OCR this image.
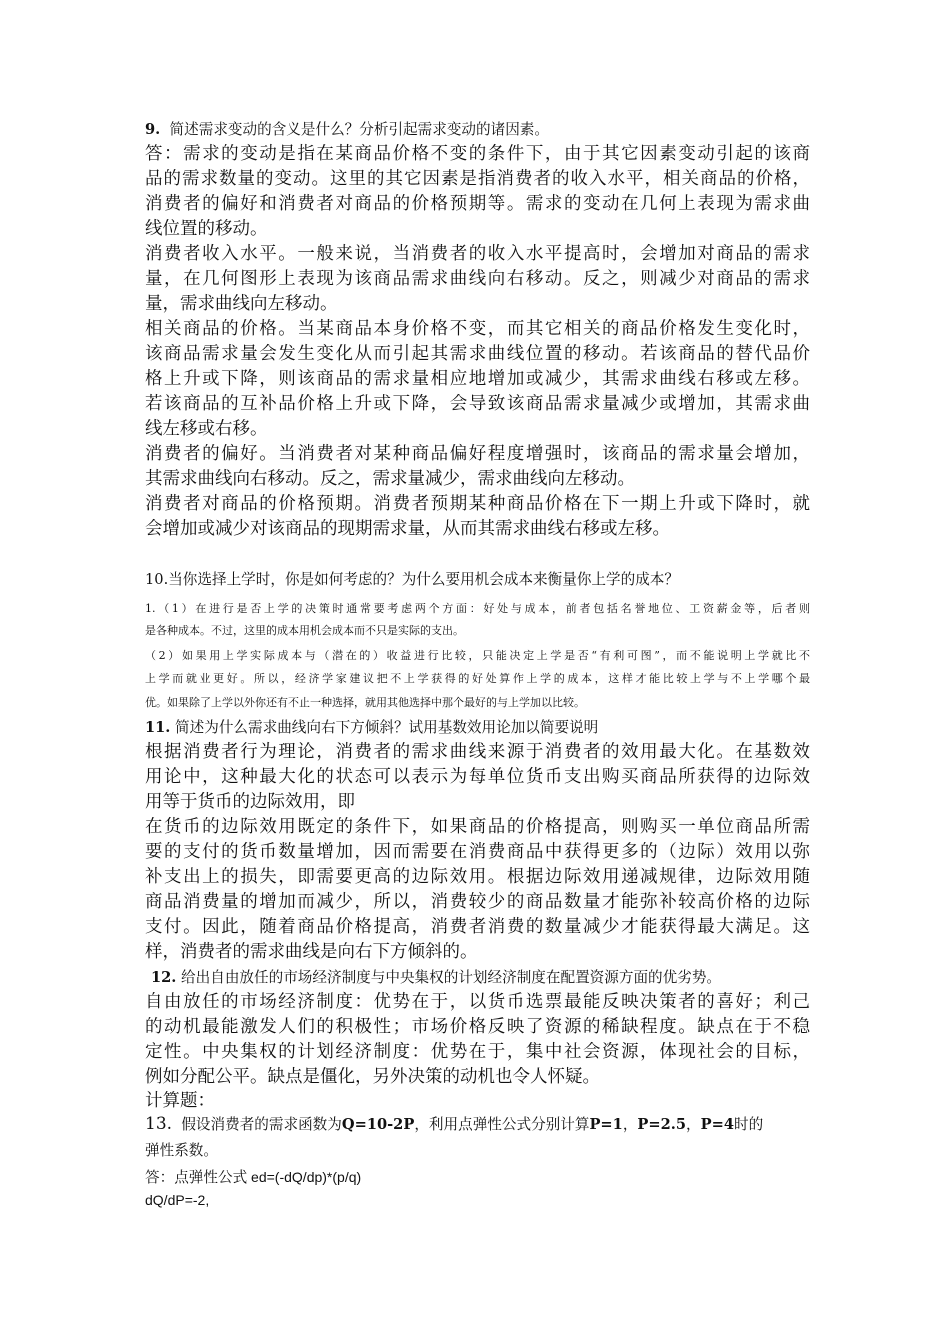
9. 简述需求变动的含义是什么？分析引起需求变动的诸因素。
答：需求的变动是指在某商品价格不变的条件下，由于其它因素变动引起的该商
品的需求数量的变动。这里的其它因素是指消费者的收入水平，相关商品的价格，
消费者的偏好和消费者对商品的价格预期等。需求的变动在几何上表现为需求曲
线位置的移动。
消费者收入水平。一般来说，当消费者的收入水平提高时，会增加对商品的需求
量，在几何图形上表现为该商品需求曲线向右移动。反之，则减少对商品的需求
量，需求曲线向左移动。
相关商品的价格。当某商品本身价格不变，而其它相关的商品价格发生变化时，
该商品需求量会发生变化从而引起其需求曲线位置的移动。若该商品的替代品价
格上升或下降，则该商品的需求量相应地增加或减少，其需求曲线右移或左移。
若该商品的互补品价格上升或下降，会导致该商品需求量减少或增加，其需求曲
线左移或右移。
消费者的偏好。当消费者对某种商品偏好程度增强时，该商品的需求量会增加，
其需求曲线向右移动。反之，需求量减少，需求曲线向左移动。
消费者对商品的价格预期。消费者预期某种商品价格在下一期上升或下降时，就
会增加或减少对该商品的现期需求量，从而其需求曲线右移或左移。
10.当你选择上学时，你是如何考虑的？为什么要用机会成本来衡量你上学的成本？
1.（1）在进行是否上学的决策时通常要考虑两个方面：好处与成本，前者包括名誉地位、工资薪金等，后者则
是各种成本。不过，这里的成本用机会成本而不只是实际的支出。
（2）如果用上学实际成本与（潜在的）收益进行比较，只能决定上学是否“有利可图”，而不能说明上学就比不
上学而就业更好。所以，经济学家建议把不上学获得的好处算作上学的成本，这样才能比较上学与不上学哪个最
优。如果除了上学以外你还有不止一种选择，就用其他选择中那个最好的与上学加以比较。
11. 简述为什么需求曲线向右下方倾斜？试用基数效用论加以简要说明
根据消费者行为理论，消费者的需求曲线来源于消费者的效用最大化。在基数效
用论中，这种最大化的状态可以表示为每单位货币支出购买商品所获得的边际效
用等于货币的边际效用，即
在货币的边际效用既定的条件下，如果商品的价格提高，则购买一单位商品所需
要的支付的货币数量增加，因而需要在消费商品中获得更多的（边际）效用以弥
补支出上的损失，即需要更高的边际效用。根据边际效用递减规律，边际效用随
商品消费量的增加而减少，所以，消费较少的商品数量才能弥补较高价格的边际
支付。因此，随着商品价格提高，消费者消费的数量减少才能获得最大满足。这
样，消费者的需求曲线是向右下方倾斜的。
12. 给出自由放任的市场经济制度与中央集权的计划经济制度在配置资源方面的优劣势。
自由放任的市场经济制度：优势在于，以货币选票最能反映决策者的喜好；利己
的动机最能激发人们的积极性；市场价格反映了资源的稀缺程度。缺点在于不稳
定性。中央集权的计划经济制度：优势在于，集中社会资源，体现社会的目标，
例如分配公平。缺点是僵化，另外决策的动机也令人怀疑。
计算题：
13. 假设消费者的需求函数为Q=10-2P，利用点弹性公式分别计算P=1，P=2.5，P=4时的
弹性系数。
答：点弹性公式 ed=(-dQ/dp)*(p/q)
dQ/dP=-2,
